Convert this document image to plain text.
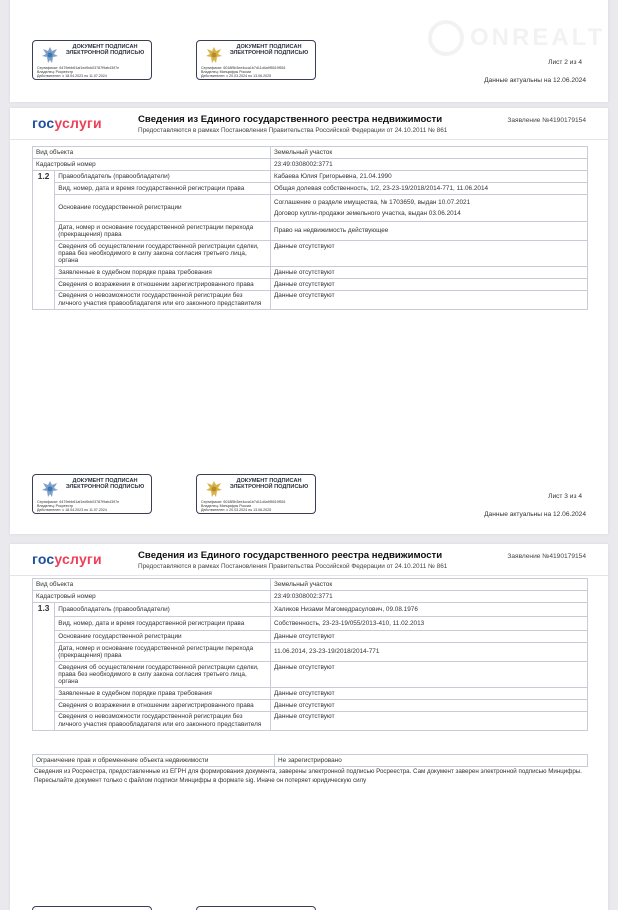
ДОКУМЕНТ ПОДПИСАН ЭЛЕКТРОННОЙ ПОДПИСЬЮ
Сертификат: 6479ebb61af1ed9cb03787f9ab4397e
Владелец: Росреестр
Действителен: с 18.04.2023 по 11.07.2024
ДОКУМЕНТ ПОДПИСАН ЭЛЕКТРОННОЙ ПОДПИСЬЮ
Сертификат: 6018f5b3ee4cca1b7d11d4a9f5519f551
Владелец: Минцифры России
Действителен: с 20.03.2024 по 13.06.2025
Лист 2 из 4
Данные актуальны на 12.06.2024
ONREALT
госуслуги	Сведения из Единого государственного реестра недвижимости
Предоставляются в рамках Постановления Правительства Российской Федерации от 24.10.2011 № 861
Заявление №4190179154
Вид объекта		Земельный участок
Кадастровый номер		23:49:0308002:3771
1.2	Правообладатель (правообладатели)	Кабаева Юлия Григорьевна, 21.04.1990
	Вид, номер, дата и время государственной регистрации права	Общая долевая собственность, 1/2, 23-23-19/2018/2014-771, 11.06.2014
	Основание государственной регистрации	Соглашение о разделе имущества, № 1703659, выдан 10.07.2021
Договор купли-продажи земельного участка, выдан 03.06.2014

	Дата, номер и основание государственной регистрации перехода (прекращения) права	Право на недвижимость действующее
	Сведения об осуществлении государственной регистрации сделки, права без необходимого в силу закона согласия третьего лица, органа	Данные отсутствуют
	Заявленные в судебном порядке права требования	Данные отсутствуют
	Сведения о возражении в отношении зарегистрированного права	Данные отсутствуют
	Сведения о невозможности государственной регистрации без личного участия правообладателя или его законного представителя	Данные отсутствуют
ДОКУМЕНТ ПОДПИСАН ЭЛЕКТРОННОЙ ПОДПИСЬЮ
Сертификат: 6479ebb61af1ed9cb03787f9ab4397e
Владелец: Росреестр
Действителен: с 18.04.2023 по 11.07.2024
ДОКУМЕНТ ПОДПИСАН ЭЛЕКТРОННОЙ ПОДПИСЬЮ
Сертификат: 6018f5b3ee4cca1b7d11d4a9f5519f551
Владелец: Минцифры России
Действителен: с 20.03.2024 по 13.06.2025
Лист 3 из 4
Данные актуальны на 12.06.2024
госуслуги	Сведения из Единого государственного реестра недвижимости
Предоставляются в рамках Постановления Правительства Российской Федерации от 24.10.2011 № 861
Заявление №4190179154
Вид объекта		Земельный участок
Кадастровый номер		23:49:0308002:3771
1.3	Правообладатель (правообладатели)	Халиков Низами Магомедрасулович, 09.08.1976
	Вид, номер, дата и время государственной регистрации права	Собственность, 23-23-19/055/2013-410, 11.02.2013
	Основание государственной регистрации	Данные отсутствуют
	Дата, номер и основание государственной регистрации перехода (прекращения) права	11.06.2014, 23-23-19/2018/2014-771
	Сведения об осуществлении государственной регистрации сделки, права без необходимого в силу закона согласия третьего лица, органа	Данные отсутствуют
	Заявленные в судебном порядке права требования	Данные отсутствуют
	Сведения о возражении в отношении зарегистрированного права	Данные отсутствуют
	Сведения о невозможности государственной регистрации без личного участия правообладателя или его законного представителя	Данные отсутствуют
Ограничение прав и обременение объекта недвижимости	Не зарегистрировано
Сведения из Росреестра, предоставленные из ЕГРН для формирования документа, заверены электронной подписью Росреестра. Сам документ заверен электронной подписью Минцифры. Пересылайте документ только с файлом подписи Минцифры в формате sig. Иначе он потеряет юридическую силу
